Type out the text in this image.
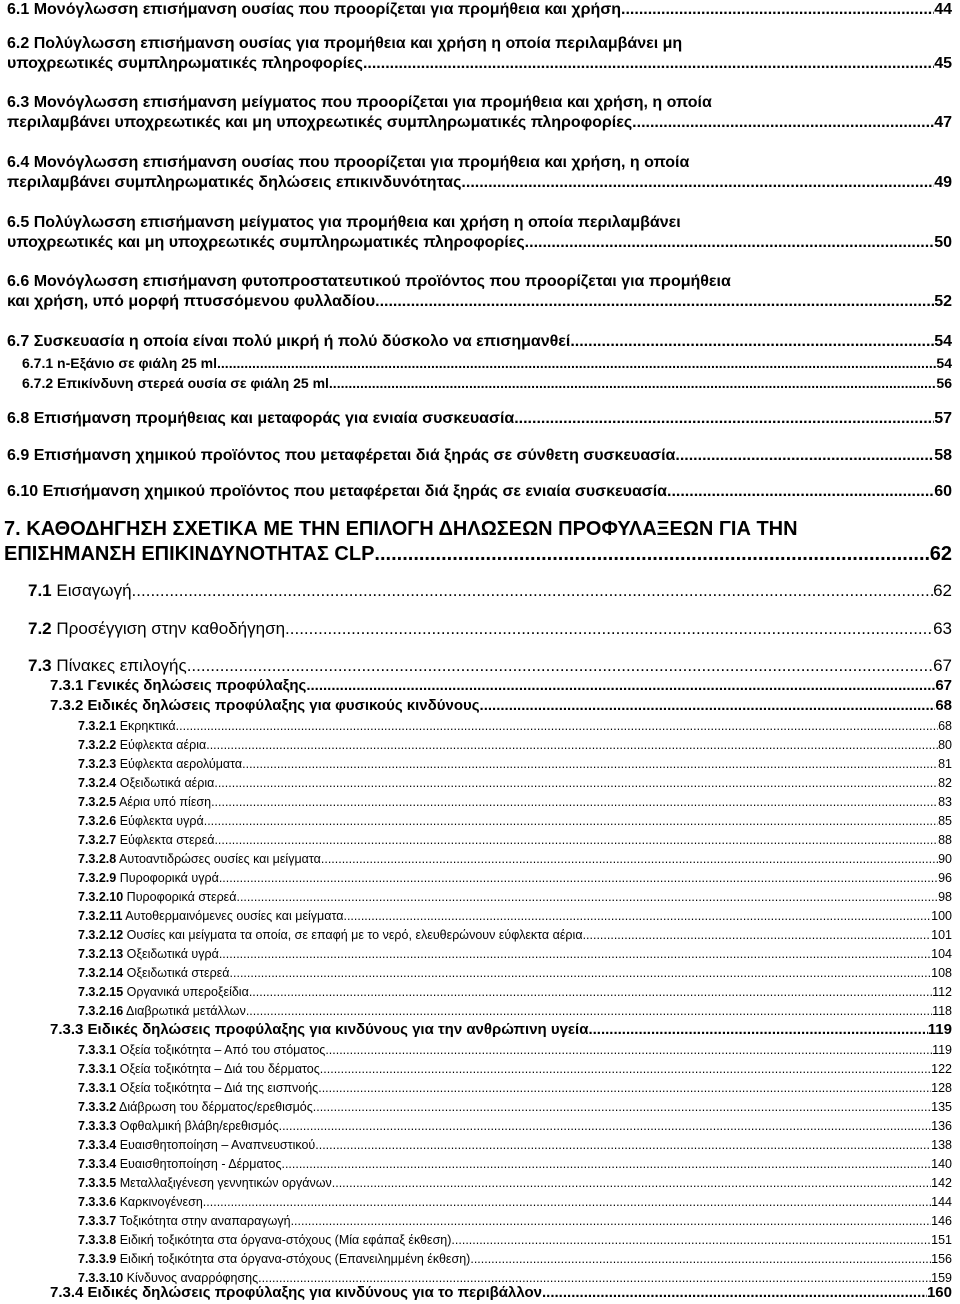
6.1 Μονόγλωσση επισήμανση ουσίας που προορίζεται για προμήθεια και χρήση .....	44
6.2 Πολύγλωσση επισήμανση ουσίας για προμήθεια και χρήση η οποία περιλαμβάνει μη
υποχρεωτικές συμπληρωματικές πληροφορίες .....	45
6.3 Μονόγλωσση επισήμανση μείγματος που προορίζεται για προμήθεια και χρήση, η οποία
περιλαμβάνει υποχρεωτικές και μη υποχρεωτικές συμπληρωματικές πληροφορίες .....	47
6.4 Μονόγλωσση επισήμανση ουσίας που προορίζεται για προμήθεια και χρήση, η οποία
περιλαμβάνει συμπληρωματικές δηλώσεις επικινδυνότητας .....	49
6.5 Πολύγλωσση επισήμανση μείγματος για προμήθεια και χρήση η οποία περιλαμβάνει
υποχρεωτικές και μη υποχρεωτικές συμπληρωματικές πληροφορίες .....	50
6.6 Μονόγλωσση επισήμανση φυτοπροστατευτικού προϊόντος που προορίζεται για προμήθεια
και χρήση, υπό μορφή πτυσσόμενου φυλλαδίου .....	52
6.7 Συσκευασία η οποία είναι πολύ μικρή ή πολύ δύσκολο να επισημανθεί .....	54
6.7.1 n-Εξάνιο σε φιάλη 25 ml .....	54
6.7.2 Επικίνδυνη στερεά ουσία σε φιάλη 25 ml .....	56
6.8 Επισήμανση προμήθειας και μεταφοράς για ενιαία συσκευασία .....	57
6.9 Επισήμανση χημικού προϊόντος που μεταφέρεται διά ξηράς σε σύνθετη συσκευασία .....	58
6.10 Επισήμανση χημικού προϊόντος που μεταφέρεται διά ξηράς σε ενιαία συσκευασία .....	60
7. ΚΑΘΟΔΗΓΗΣΗ ΣΧΕΤΙΚΑ ΜΕ ΤΗΝ ΕΠΙΛΟΓΗ ΔΗΛΩΣΕΩΝ ΠΡΟΦΥΛΑΞΕΩΝ ΓΙΑ ΤΗΝ
ΕΠΙΣΗΜΑΝΣΗ ΕΠΙΚΙΝΔΥΝΟΤΗΤΑΣ CLP .....	62
7.1 Εισαγωγή .....	62
7.2 Προσέγγιση στην καθοδήγηση .....	63
7.3 Πίνακες επιλογής .....	67
7.3.1 Γενικές δηλώσεις προφύλαξης .....	67
7.3.2 Ειδικές δηλώσεις προφύλαξης για φυσικούς κινδύνους .....	68
7.3.2.1 Εκρηκτικά .....	68
7.3.2.2 Εύφλεκτα αέρια .....	80
7.3.2.3 Εύφλεκτα αερολύματα .....	81
7.3.2.4 Οξειδωτικά αέρια .....	82
7.3.2.5 Αέρια υπό πίεση .....	83
7.3.2.6 Εύφλεκτα υγρά .....	85
7.3.2.7 Εύφλεκτα στερεά .....	88
7.3.2.8 Αυτοαντιδρώσες ουσίες και μείγματα .....	90
7.3.2.9 Πυροφορικά υγρά .....	96
7.3.2.10 Πυροφορικά στερεά .....	98
7.3.2.11 Αυτοθερμαινόμενες ουσίες και μείγματα .....	100
7.3.2.12 Ουσίες και μείγματα τα οποία, σε επαφή με το νερό, ελευθερώνουν εύφλεκτα αέρια .....	101
7.3.2.13 Οξειδωτικά υγρά .....	104
7.3.2.14 Οξειδωτικά στερεά .....	108
7.3.2.15 Οργανικά υπεροξείδια .....	112
7.3.2.16 Διαβρωτικά μετάλλων .....	118
7.3.3 Ειδικές δηλώσεις προφύλαξης για κινδύνους για την ανθρώπινη υγεία .....	119
7.3.3.1 Οξεία τοξικότητα – Από του στόματος .....	119
7.3.3.1 Οξεία τοξικότητα – Διά του δέρματος .....	122
7.3.3.1 Οξεία τοξικότητα – Διά της εισπνοής .....	128
7.3.3.2 Διάβρωση του δέρματος/ερεθισμός .....	135
7.3.3.3 Οφθαλμική βλάβη/ερεθισμός .....	136
7.3.3.4 Ευαισθητοποίηση – Αναπνευστικού .....	138
7.3.3.4 Ευαισθητοποίηση - Δέρματος .....	140
7.3.3.5 Μεταλλαξιγένεση γεννητικών οργάνων .....	142
7.3.3.6 Καρκινογένεση .....	144
7.3.3.7 Τοξικότητα στην αναπαραγωγή .....	146
7.3.3.8 Ειδική τοξικότητα στα όργανα-στόχους (Μία εφάπαξ έκθεση) .....	151
7.3.3.9 Ειδική τοξικότητα στα όργανα-στόχους (Επανειλημμένη έκθεση) .....	156
7.3.3.10 Κίνδυνος αναρρόφησης .....	159
7.3.4 Ειδικές δηλώσεις προφύλαξης για κινδύνους για το περιβάλλον .....	160
